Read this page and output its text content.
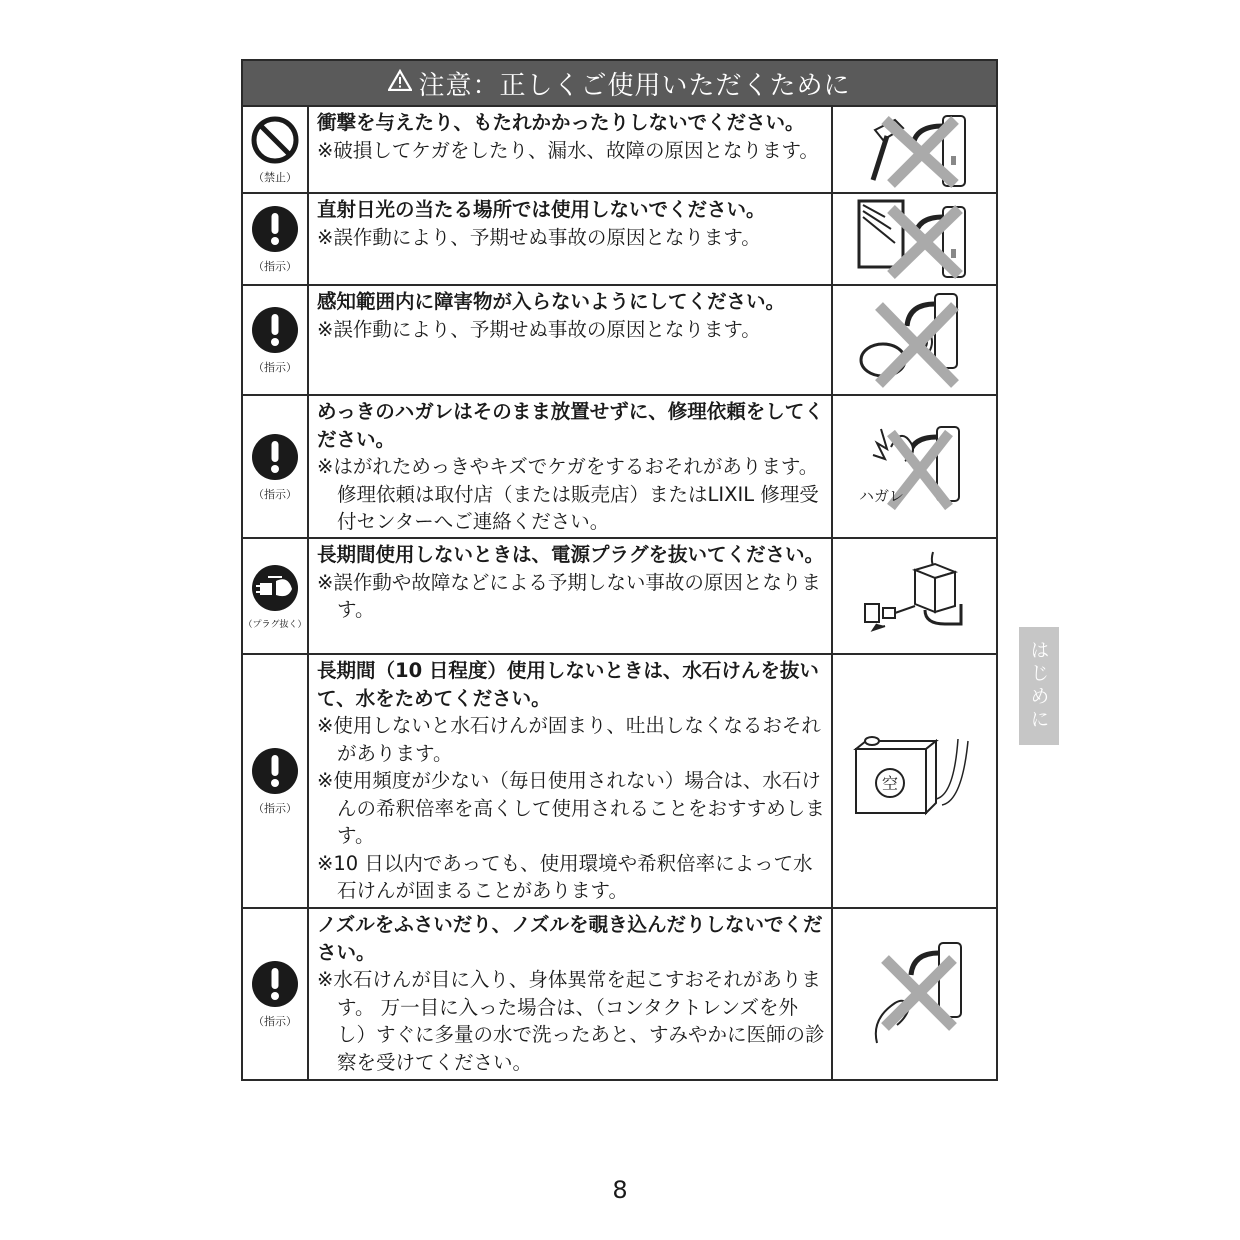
注意：正しくご使用いただくために
（禁止）
衝撃を与えたり、もたれかかったりしないでください。
※破損してケガをしたり、漏水、故障の原因となります。
（指示）
直射日光の当たる場所では使用しないでください。
※誤作動により、予期せぬ事故の原因となります。
（指示）
感知範囲内に障害物が入らないようにしてください。
※誤作動により、予期せぬ事故の原因となります。
（指示）
めっきのハガレはそのまま放置せずに、修理依頼をしてください。
※はがれためっきやキズでケガをするおそれがあります。修理依頼は取付店（または販売店）またはLIXIL 修理受付センターへご連絡ください。
ハガレ
（プラグ抜く）
長期間使用しないときは、電源プラグを抜いてください。
※誤作動や故障などによる予期しない事故の原因となります。
（指示）
長期間（10 日程度）使用しないときは、水石けんを抜いて、水をためてください。
※使用しないと水石けんが固まり、吐出しなくなるおそれがあります。
※使用頻度が少ない（毎日使用されない）場合は、水石けんの希釈倍率を高くして使用されることをおすすめします。
※10 日以内であっても、使用環境や希釈倍率によって水石けんが固まることがあります。
空
（指示）
ノズルをふさいだり、ノズルを覗き込んだりしないでください。
※水石けんが目に入り、身体異常を起こすおそれがあります。 万一目に入った場合は、（コンタクトレンズを外し）すぐに多量の水で洗ったあと、すみやかに医師の診察を受けてください。
はじめに
8
